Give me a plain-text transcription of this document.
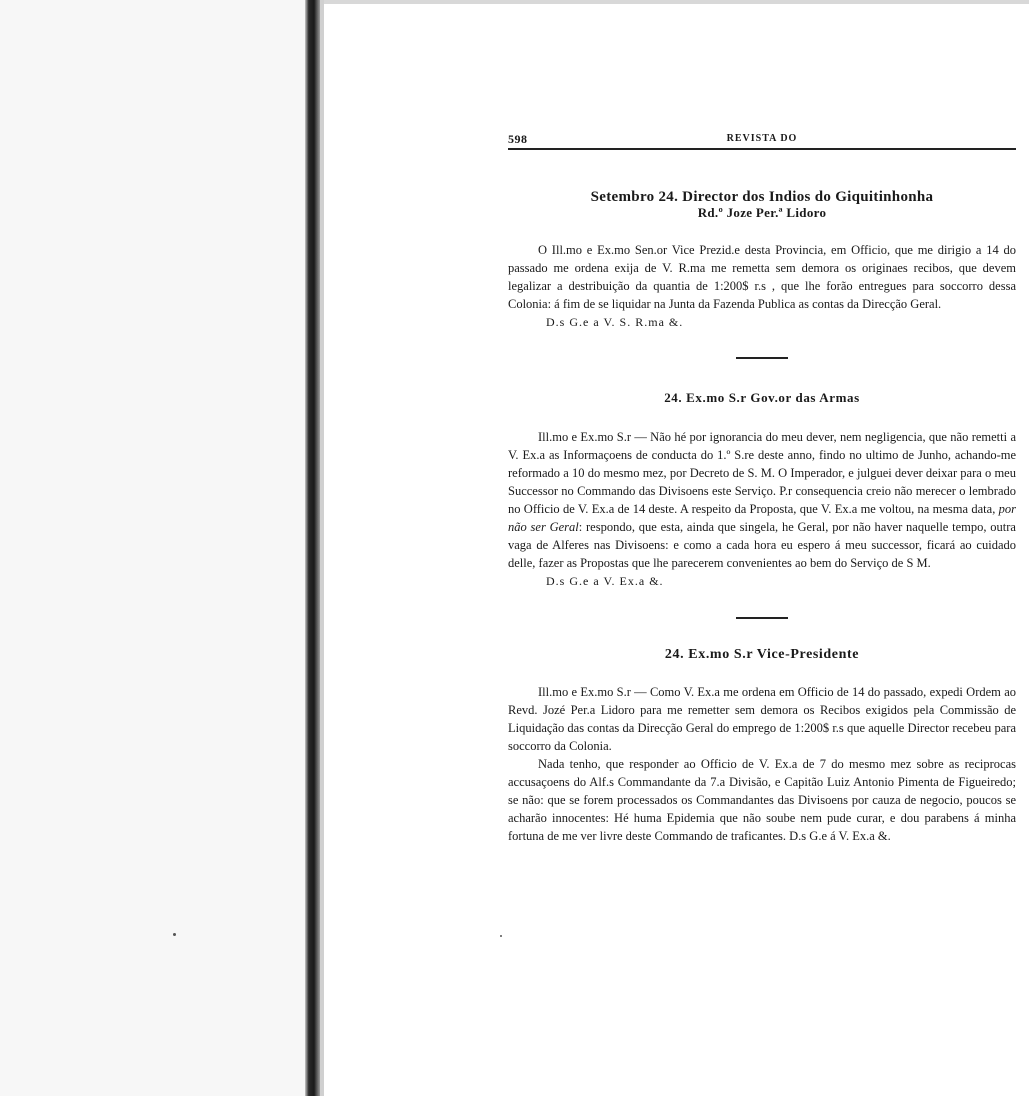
598	REVISTA DO
Setembro 24. Director dos Indios do Giquitinhonha
Rd.º Joze Per.ª Lidoro

O Ill.mo e Ex.mo Sen.or Vice Prezid.e desta Provincia, em Officio, que me dirigio a 14 do passado me ordena exija de V. R.ma me remetta sem demora os originaes recibos, que devem legalizar a destribuição da quantia de 1:200$ r.s , que lhe forão entregues para soccorro dessa Colonia: á fim de se liquidar na Junta da Fazenda Publica as contas da Direcção Geral.

D.s G.e a V. S. R.ma &.
24. Ex.mo S.r Gov.or das Armas

Ill.mo e Ex.mo S.r — Não hé por ignorancia do meu dever, nem negligencia, que não remetti a V. Ex.a as Informaçoens de conducta do 1.º S.re deste anno, findo no ultimo de Junho, achando-me reformado a 10 do mesmo mez, por Decreto de S. M. O Imperador, e julguei dever deixar para o meu Successor no Commando das Divisoens este Serviço. P.r consequencia creio não merecer o lembrado no Officio de V. Ex.a de 14 deste. A respeito da Proposta, que V. Ex.a me voltou, na mesma data, por não ser Geral: respondo, que esta, ainda que singela, he Geral, por não haver naquelle tempo, outra vaga de Alferes nas Divisoens: e como a cada hora eu espero á meu successor, ficará ao cuidado delle, fazer as Propostas que lhe parecerem convenientes ao bem do Serviço de S M.

D.s G.e a V. Ex.a &.
24. Ex.mo S.r Vice-Presidente

Ill.mo e Ex.mo S.r — Como V. Ex.a me ordena em Officio de 14 do passado, expedi Ordem ao Revd. Jozé Per.a Lidoro para me remetter sem demora os Recibos exigidos pela Commissão de Liquidação das contas da Direcção Geral do emprego de 1:200$ r.s que aquelle Director recebeu para soccorro da Colonia.

Nada tenho, que responder ao Officio de V. Ex.a de 7 do mesmo mez sobre as reciprocas accusaçoens do Alf.s Commandante da 7.a Divisão, e Capitão Luiz Antonio Pimenta de Figueiredo; se não: que se forem processados os Commandantes das Divisoens por cauza de negocio, poucos se acharão innocentes: Hé huma Epidemia que não soube nem pude curar, e dou parabens á minha fortuna de me ver livre deste Commando de traficantes. D.s G.e á V. Ex.a &.
